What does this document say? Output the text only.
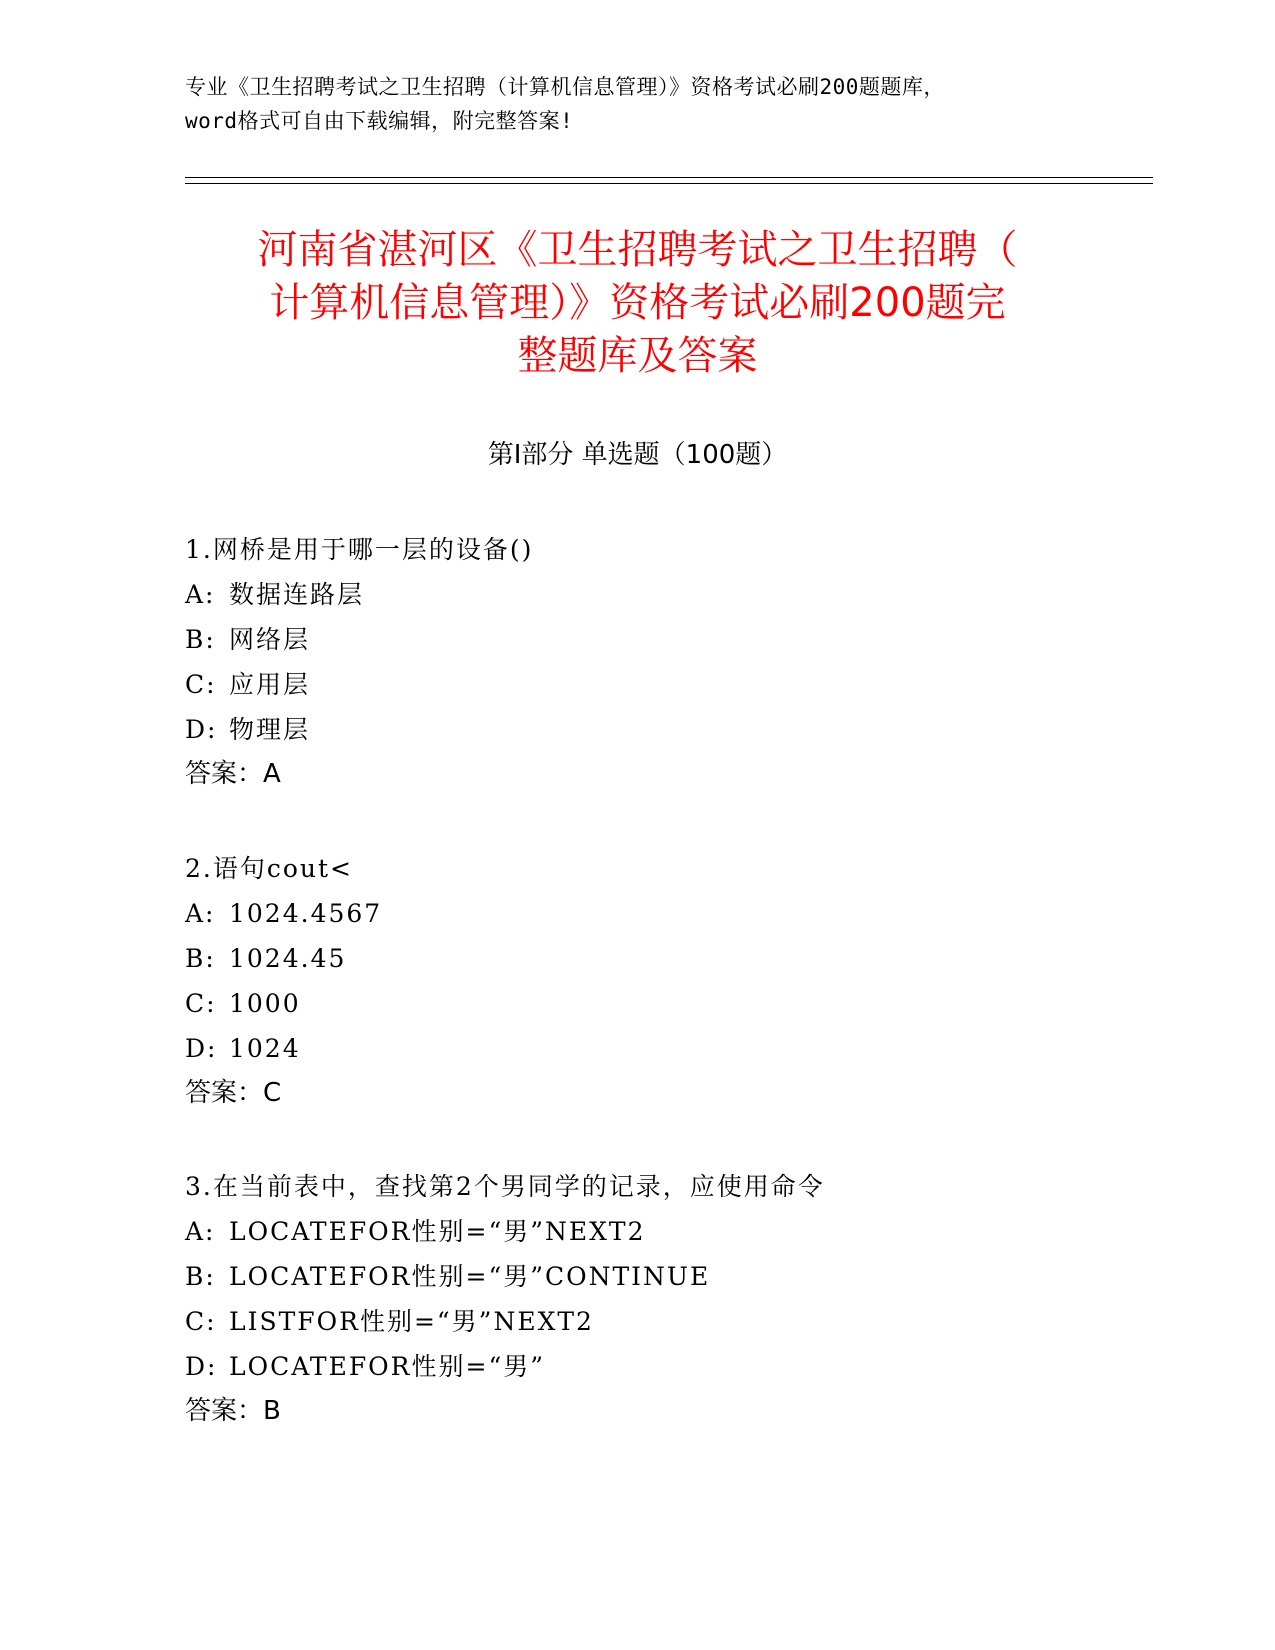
专业《卫生招聘考试之卫生招聘（计算机信息管理）》资格考试必刷200题题库，
word格式可自由下载编辑，附完整答案!
河南省湛河区《卫生招聘考试之卫生招聘（
计算机信息管理）》资格考试必刷200题完
整题库及答案
第Ⅰ部分 单选题（100题）
1.网桥是用于哪一层的设备()
A: 数据连路层
B: 网络层
C: 应用层
D: 物理层
答案：A
2.语句cout<
A: 1024.4567
B: 1024.45
C: 1000
D: 1024
答案：C
3.在当前表中，查找第2个男同学的记录，应使用命令
A: LOCATEFOR性别=“男”NEXT2
B: LOCATEFOR性别=“男”CONTINUE
C: LISTFOR性别=“男”NEXT2
D: LOCATEFOR性别=“男”
答案：B
